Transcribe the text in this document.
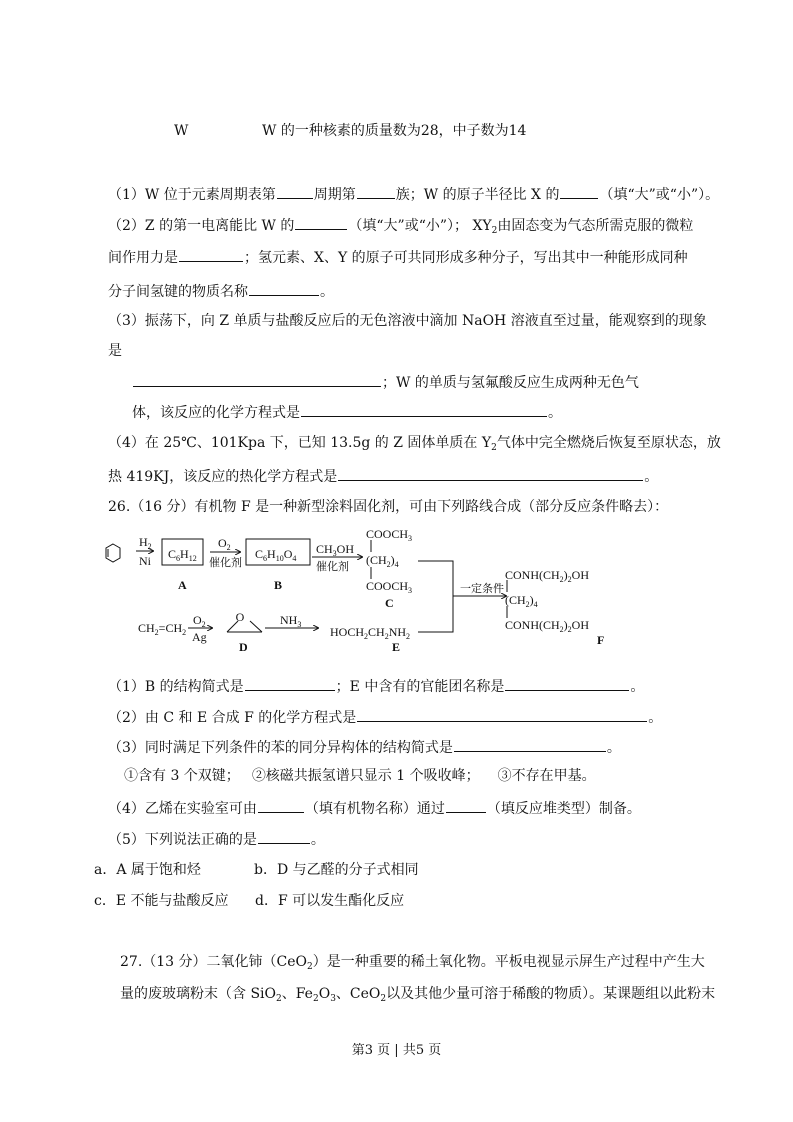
W	W 的一种核素的质量数为28，中子数为14
（1）W 位于元素周期表第	周期第	族；W 的原子半径比 X 的	（填“大”或“小”）。
（2）Z 的第一电离能比 W 的	（填“大”或“小”）； $XY_2$由固态变为气态所需克服的微粒
间作用力是	；氢元素、X、Y 的原子可共同形成多种分子，写出其中一种能形成同种
分子间氢键的物质名称	。
（3）振荡下，向 Z 单质与盐酸反应后的无色溶液中滴加 NaOH 溶液直至过量，能观察到的现象
是
；W 的单质与氢氟酸反应生成两种无色气
体，该反应的化学方程式是	。
（4）在 25℃、101Kpa 下，已知 13.5g 的 Z 固体单质在 $Y_2$气体中完全燃烧后恢复至原状态，放
热 419KJ，该反应的热化学方程式是	。
26.（16 分）有机物 F 是一种新型涂料固化剂，可由下列路线合成（部分反应条件略去）：
$H_2$
Ni $C_6H_{12}$
A
$O_2$
催化剂
$C_6H_{10}O_4$
B
$CH_3OH$
催化剂
$COOCH_3$
$(CH_2)_4$
$COOCH_3$
C
一定条件
$CONH(CH_2)_2OH$
$(CH_2)_4$
$CONH(CH_2)_2OH$
F
$CH_2=CH_2$
$O_2$
Ag
O
D
$NH_3$
$HOCH_2CH_2NH_2$
E
（1）B 的结构简式是	；E 中含有的官能团名称是	。
（2）由 C 和 E 合成 F 的化学方程式是	。
（3）同时满足下列条件的苯的同分异构体的结构简式是	。
①含有 3 个双键； ②核磁共振氢谱只显示 1 个吸收峰； ③不存在甲基。
（4）乙烯在实验室可由	（填有机物名称）通过	（填反应堆类型）制备。
（5）下列说法正确的是	。
a．A 属于饱和烃	b．D 与乙醛的分子式相同
c．E 不能与盐酸反应 d．F 可以发生酯化反应
27.（13 分）二氧化铈（CeO$_2$）是一种重要的稀土氧化物。平板电视显示屏生产过程中产生大
量的废玻璃粉末（含 SiO$_2$、$Fe_2O_3$、CeO$_2$以及其他少量可溶于稀酸的物质）。某课题组以此粉末
第3 页 | 共5 页
